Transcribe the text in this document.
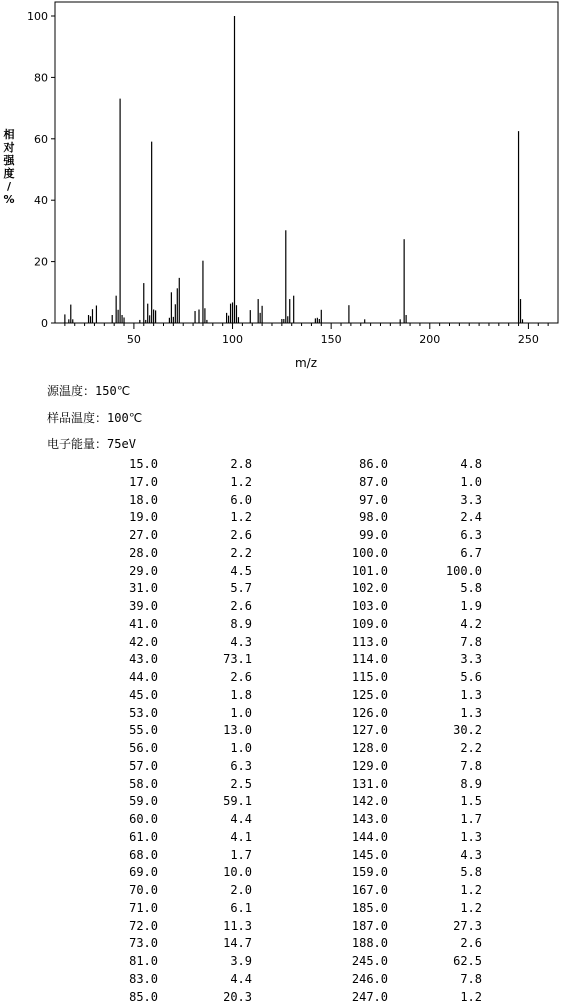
0
20
40
60
80
100
50	100	150	200	250
m/z
相
对
强
度
/
%
源温度：150℃
样品温度：100℃
电子能量：75eV
15.0	2.8	86.0	4.8
17.0	1.2	87.0	1.0
18.0	6.0	97.0	3.3
19.0	1.2	98.0	2.4
27.0	2.6	99.0	6.3
28.0	2.2	100.0	6.7
29.0	4.5	101.0	100.0
31.0	5.7	102.0	5.8
39.0	2.6	103.0	1.9
41.0	8.9	109.0	4.2
42.0	4.3	113.0	7.8
43.0	73.1	114.0	3.3
44.0	2.6	115.0	5.6
45.0	1.8	125.0	1.3
53.0	1.0	126.0	1.3
55.0	13.0	127.0	30.2
56.0	1.0	128.0	2.2
57.0	6.3	129.0	7.8
58.0	2.5	131.0	8.9
59.0	59.1	142.0	1.5
60.0	4.4	143.0	1.7
61.0	4.1	144.0	1.3
68.0	1.7	145.0	4.3
69.0	10.0	159.0	5.8
70.0	2.0	167.0	1.2
71.0	6.1	185.0	1.2
72.0	11.3	187.0	27.3
73.0	14.7	188.0	2.6
81.0	3.9	245.0	62.5
83.0	4.4	246.0	7.8
85.0	20.3	247.0	1.2
